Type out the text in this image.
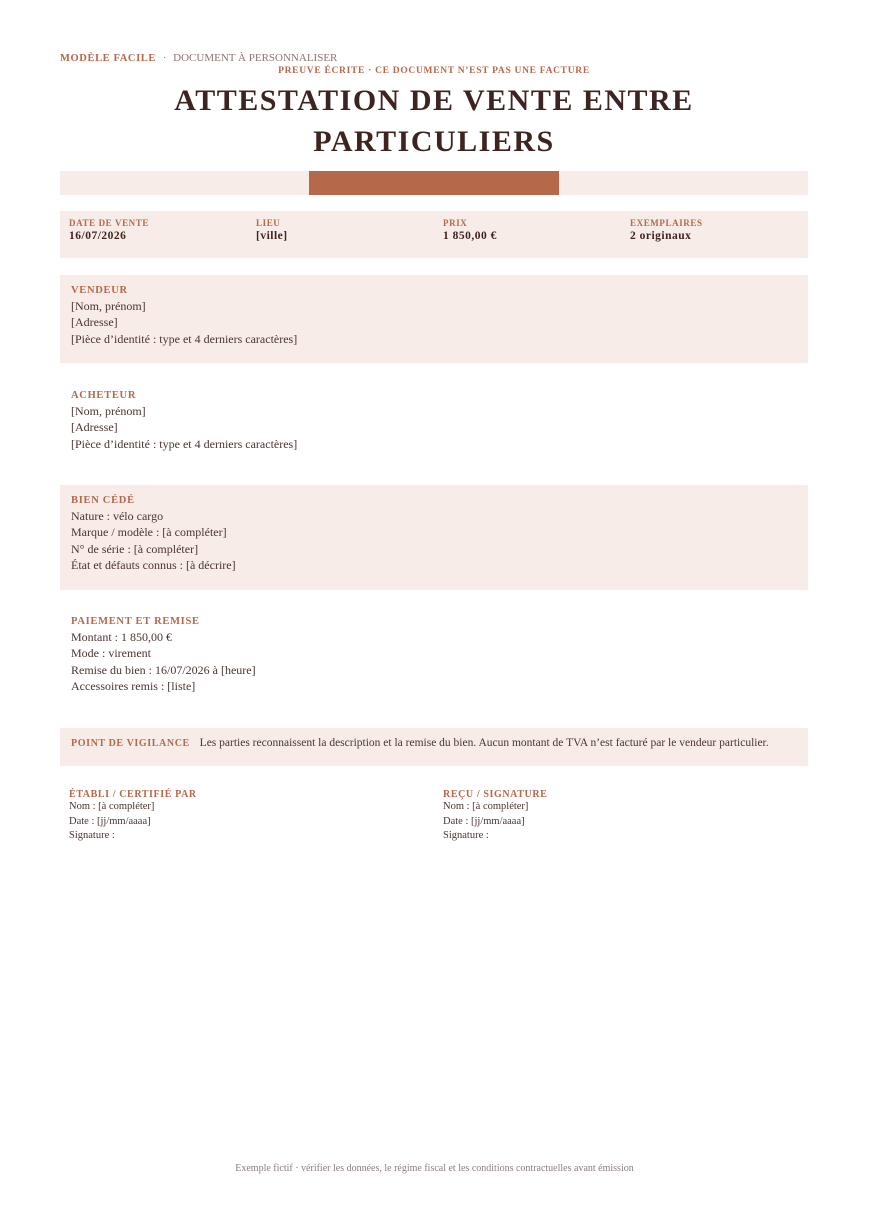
MODÈLE FACILE · DOCUMENT À PERSONNALISER
PREUVE ÉCRITE · CE DOCUMENT N’EST PAS UNE FACTURE
ATTESTATION DE VENTE ENTRE
PARTICULIERS
DATE DE VENTE
16/07/2026
LIEU
[ville]
PRIX
1 850,00 €
EXEMPLAIRES
2 originaux
VENDEUR
[Nom, prénom]
[Adresse]
[Pièce d’identité : type et 4 derniers caractères]
ACHETEUR
[Nom, prénom]
[Adresse]
[Pièce d’identité : type et 4 derniers caractères]
BIEN CÉDÉ
Nature : vélo cargo
Marque / modèle : [à compléter]
N° de série : [à compléter]
État et défauts connus : [à décrire]
PAIEMENT ET REMISE
Montant : 1 850,00 €
Mode : virement
Remise du bien : 16/07/2026 à [heure]
Accessoires remis : [liste]
POINT DE VIGILANCE Les parties reconnaissent la description et la remise du bien. Aucun montant de TVA n’est facturé par le vendeur particulier.
ÉTABLI / CERTIFIÉ PAR
Nom : [à compléter]
Date : [jj/mm/aaaa]
Signature :
REÇU / SIGNATURE
Nom : [à compléter]
Date : [jj/mm/aaaa]
Signature :
Exemple fictif · vérifier les données, le régime fiscal et les conditions contractuelles avant émission
